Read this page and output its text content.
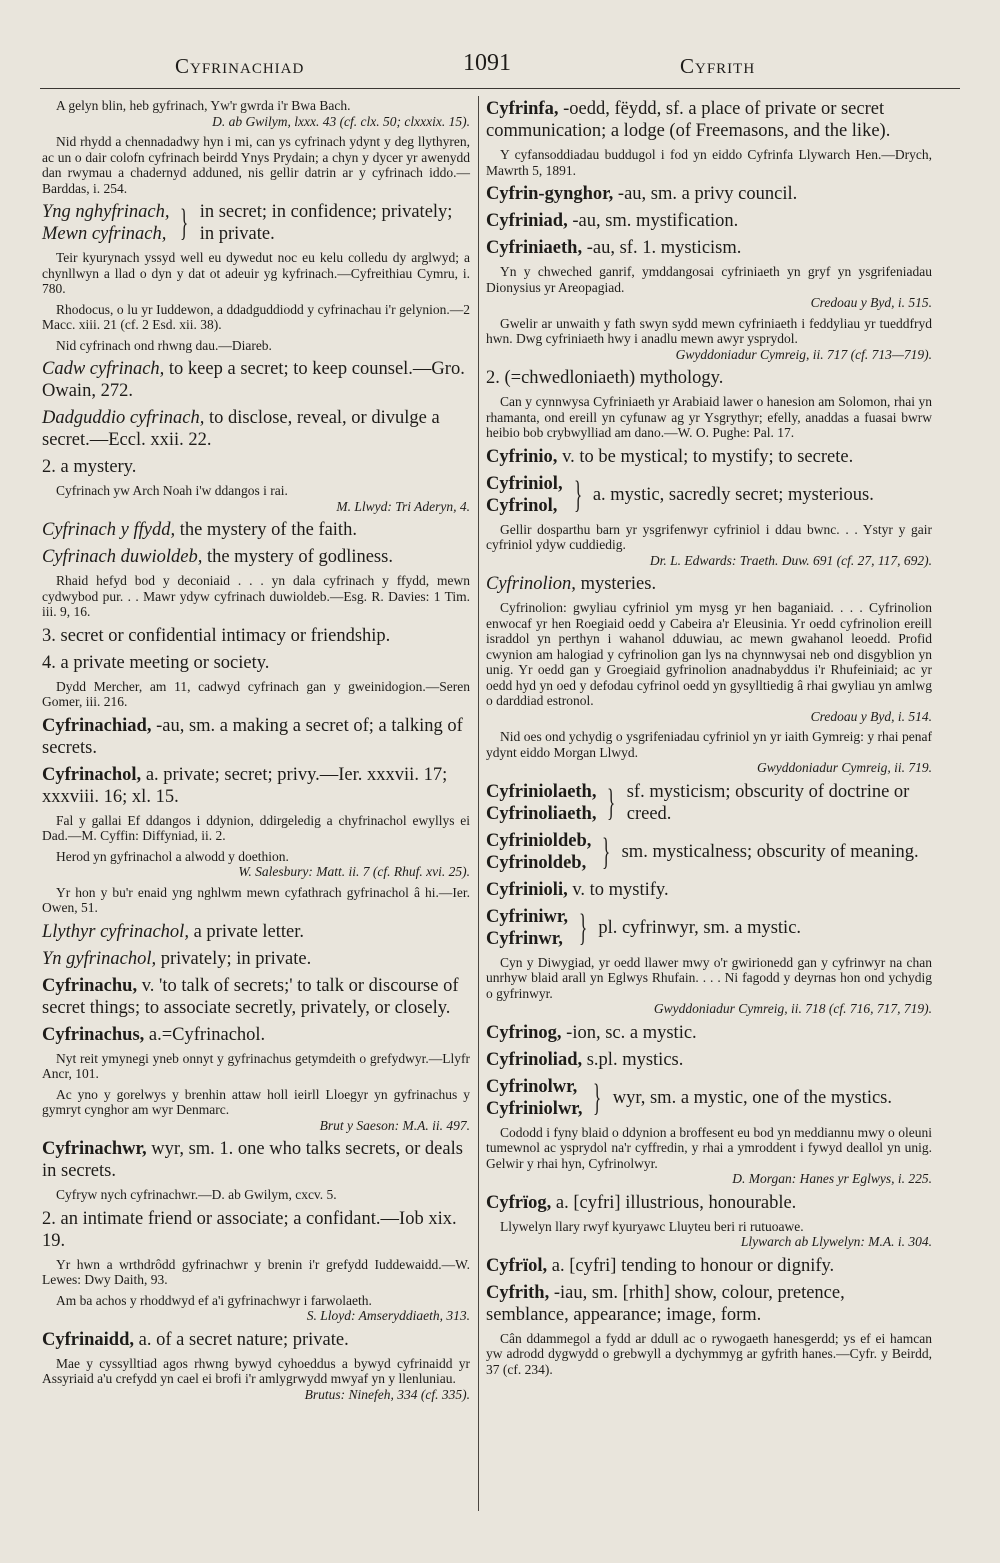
Cyfrinachiad	1091	Cyfrith
A gelyn blin, heb gyfrinach, Yw'r gwrda i'r Bwa Bach.
D. ab Gwilym, lxxx. 43 (cf. clx. 50; clxxxix. 15).
Nid rhydd a chennadadwy hyn i mi, can ys cyfrinach ydynt y deg llythyren, ac un o dair colofn cyfrinach beirdd Ynys Prydain; a chyn y dycer yr awenydd dan rwymau a chadernyd adduned, nis gellir datrin ar y cyfrinach iddo.—Barddas, i. 254.
Yng nghyfrinach,
Mewn cyfrinach, } in secret; in confidence; privately; in private.
Teir kyurynach yssyd well eu dywedut noc eu kelu colledu dy arglwyd; a chynllwyn a llad o dyn y dat ot adeuir yg kyfrinach.—Cyfreithiau Cymru, i. 780.
Rhodocus, o lu yr Iuddewon, a ddadguddiodd y cyfrinachau i'r gelynion.—2 Macc. xiii. 21 (cf. 2 Esd. xii. 38).
Nid cyfrinach ond rhwng dau.—Diareb.
Cadw cyfrinach, to keep a secret; to keep counsel.—Gro. Owain, 272.
Dadguddio cyfrinach, to disclose, reveal, or divulge a secret.—Eccl. xxii. 22.
2. a mystery.
Cyfrinach yw Arch Noah i'w ddangos i rai.
M. Llwyd: Tri Aderyn, 4.
Cyfrinach y ffydd, the mystery of the faith.
Cyfrinach duwioldeb, the mystery of godliness.
Rhaid hefyd bod y deconiaid . . . yn dala cyfrinach y ffydd, mewn cydwybod pur. . . Mawr ydyw cyfrinach duwioldeb.—Esg. R. Davies: 1 Tim. iii. 9, 16.
3. secret or confidential intimacy or friendship.
4. a private meeting or society.
Dydd Mercher, am 11, cadwyd cyfrinach gan y gweinidogion.—Seren Gomer, iii. 216.
Cyfrinachiad, -au, sm. a making a secret of; a talking of secrets.
Cyfrinachol, a. private; secret; privy.—Ier. xxxvii. 17; xxxviii. 16; xl. 15.
Fal y gallai Ef ddangos i ddynion, ddirgeledig a chyfrinachol ewyllys ei Dad.—M. Cyffin: Diffyniad, ii. 2.
Herod yn gyfrinachol a alwodd y doethion.
W. Salesbury: Matt. ii. 7 (cf. Rhuf. xvi. 25).
Yr hon y bu'r enaid yng nghlwm mewn cyfathrach gyfrinachol â hi.—Ier. Owen, 51.
Llythyr cyfrinachol, a private letter.
Yn gyfrinachol, privately; in private.
Cyfrinachu, v. 'to talk of secrets;' to talk or discourse of secret things; to associate secretly, privately, or closely.
Cyfrinachus, a.=Cyfrinachol.
Nyt reit ymynegi yneb onnyt y gyfrinachus getymdeith o grefydwyr.—Llyfr Ancr, 101.
Ac yno y gorelwys y brenhin attaw holl ieirll Lloegyr yn gyfrinachus y gymryt cynghor am wyr Denmarc.
Brut y Saeson: M.A. ii. 497.
Cyfrinachwr, wyr, sm. 1. one who talks secrets, or deals in secrets.
Cyfryw nych cyfrinachwr.—D. ab Gwilym, cxcv. 5.
2. an intimate friend or associate; a confidant.—Iob xix. 19.
Yr hwn a wrthdrôdd gyfrinachwr y brenin i'r grefydd Iuddewaidd.—W. Lewes: Dwy Daith, 93.
Am ba achos y rhoddwyd ef a'i gyfrinachwyr i farwolaeth.
S. Lloyd: Amseryddiaeth, 313.
Cyfrinaidd, a. of a secret nature; private.
Mae y cyssylltiad agos rhwng bywyd cyhoeddus a bywyd cyfrinaidd yr Assyriaid a'u crefydd yn cael ei brofi i'r amlygrwydd mwyaf yn y llenluniau.
Brutus: Ninefeh, 334 (cf. 335).
Cyfrinfa, -oedd, fëydd, sf. a place of private or secret communication; a lodge (of Freemasons, and the like).
Y cyfansoddiadau buddugol i fod yn eiddo Cyfrinfa Llywarch Hen.—Drych, Mawrth 5, 1891.
Cyfrin-gynghor, -au, sm. a privy council.
Cyfriniad, -au, sm. mystification.
Cyfriniaeth, -au, sf. 1. mysticism.
Yn y chweched ganrif, ymddangosai cyfriniaeth yn gryf yn ysgrifeniadau Dionysius yr Areopagiad.
Credoau y Byd, i. 515.
Gwelir ar unwaith y fath swyn sydd mewn cyfriniaeth i feddyliau yr tueddfryd hwn. Dwg cyfriniaeth hwy i anadlu mewn awyr ysprydol.
Gwyddoniadur Cymreig, ii. 717 (cf. 713—719).
2. (=chwedloniaeth) mythology.
Can y cynnwysa Cyfriniaeth yr Arabiaid lawer o hanesion am Solomon, rhai yn rhamanta, ond ereill yn cyfunaw ag yr Ysgrythyr; efelly, anaddas a fuasai bwrw heibio bob crybwylliad am dano.—W. O. Pughe: Pal. 17.
Cyfrinio, v. to be mystical; to mystify; to secrete.
Cyfriniol,
Cyfrinol, } a. mystic, sacredly secret; mysterious.
Gellir dosparthu barn yr ysgrifenwyr cyfriniol i ddau bwnc. . . Ystyr y gair cyfriniol ydyw cuddiedig.
Dr. L. Edwards: Traeth. Duw. 691 (cf. 27, 117, 692).
Cyfrinolion, mysteries.
Cyfrinolion: gwyliau cyfriniol ym mysg yr hen baganiaid. . . . Cyfrinolion enwocaf yr hen Roegiaid oedd y Cabeira a'r Eleusinia. Yr oedd cyfrinolion ereill israddol yn perthyn i wahanol dduwiau, ac mewn gwahanol leoedd. Profid cwynion am halogiad y cyfrinolion gan lys na chynnwysai neb ond disgyblion yn unig. Yr oedd gan y Groegiaid gyfrinolion anadnabyddus i'r Rhufeiniaid; ac yr oedd hyd yn oed y defodau cyfrinol oedd yn gysylltiedig â rhai gwyliau yn amlwg o darddiad estronol.
Credoau y Byd, i. 514.
Nid oes ond ychydig o ysgrifeniadau cyfriniol yn yr iaith Gymreig: y rhai penaf ydynt eiddo Morgan Llwyd.
Gwyddoniadur Cymreig, ii. 719.
Cyfriniolaeth,
Cyfrinoliaeth, } sf. mysticism; obscurity of doctrine or creed.
Cyfrinioldeb,
Cyfrinoldeb, } sm. mysticalness; obscurity of meaning.
Cyfrinioli, v. to mystify.
Cyfriniwr,
Cyfrinwr, } pl. cyfrinwyr, sm. a mystic.
Cyn y Diwygiad, yr oedd llawer mwy o'r gwirionedd gan y cyfrinwyr na chan unrhyw blaid arall yn Eglwys Rhufain. . . . Ni fagodd y deyrnas hon ond ychydig o gyfrinwyr.
Gwyddoniadur Cymreig, ii. 718 (cf. 716, 717, 719).
Cyfrinog, -ion, sc. a mystic.
Cyfrinoliad, s.pl. mystics.
Cyfrinolwr,
Cyfriniolwr, } wyr, sm. a mystic, one of the mystics.
Cododd i fyny blaid o ddynion a broffesent eu bod yn meddiannu mwy o oleuni tumewnol ac ysprydol na'r cyffredin, y rhai a ymroddent i fywyd deallol yn unig. Gelwir y rhai hyn, Cyfrinolwyr.
D. Morgan: Hanes yr Eglwys, i. 225.
Cyfrïog, a. [cyfri] illustrious, honourable.
Llywelyn llary rwyf kyuryawc Lluyteu beri ri rutuoawe.
Llywarch ab Llywelyn: M.A. i. 304.
Cyfrïol, a. [cyfri] tending to honour or dignify.
Cyfrith, -iau, sm. [rhith] show, colour, pretence, semblance, appearance; image, form.
Cân ddammegol a fydd ar ddull ac o rywogaeth hanesgerdd; ys ef ei hamcan yw adrodd dygwydd o grebwyll a dychymmyg ar gyfrith hanes.—Cyfr. y Beirdd, 37 (cf. 234).
